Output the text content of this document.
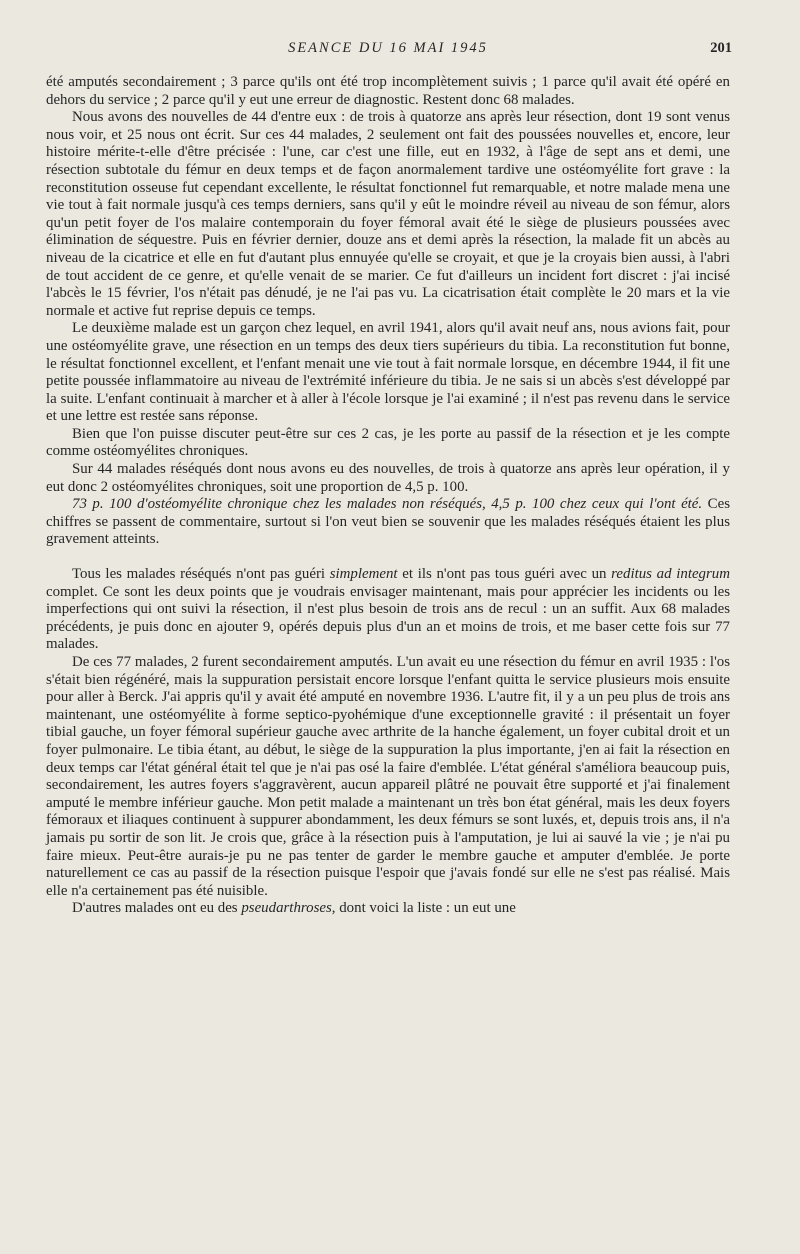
SEANCE DU 16 MAI 1945	201

été amputés secondairement ; 3 parce qu'ils ont été trop incomplètement suivis ; 1 parce qu'il avait été opéré en dehors du service ; 2 parce qu'il y eut une erreur de diagnostic. Restent donc 68 malades.

Nous avons des nouvelles de 44 d'entre eux : de trois à quatorze ans après leur résection, dont 19 sont venus nous voir, et 25 nous ont écrit. Sur ces 44 malades, 2 seulement ont fait des poussées nouvelles et, encore, leur histoire mérite-t-elle d'être précisée : l'une, car c'est une fille, eut en 1932, à l'âge de sept ans et demi, une résection subtotale du fémur en deux temps et de façon anormalement tardive une ostéomyélite fort grave : la reconstitution osseuse fut cependant excellente, le résultat fonctionnel fut remarquable, et notre malade mena une vie tout à fait normale jusqu'à ces temps derniers, sans qu'il y eût le moindre réveil au niveau de son fémur, alors qu'un petit foyer de l'os malaire contemporain du foyer fémoral avait été le siège de plusieurs poussées avec élimination de séquestre. Puis en février dernier, douze ans et demi après la résection, la malade fit un abcès au niveau de la cicatrice et elle en fut d'autant plus ennuyée qu'elle se croyait, et que je la croyais bien aussi, à l'abri de tout accident de ce genre, et qu'elle venait de se marier. Ce fut d'ailleurs un incident fort discret : j'ai incisé l'abcès le 15 février, l'os n'était pas dénudé, je ne l'ai pas vu. La cicatrisation était complète le 20 mars et la vie normale et active fut reprise depuis ce temps.

Le deuxième malade est un garçon chez lequel, en avril 1941, alors qu'il avait neuf ans, nous avions fait, pour une ostéomyélite grave, une résection en un temps des deux tiers supérieurs du tibia. La reconstitution fut bonne, le résultat fonctionnel excellent, et l'enfant menait une vie tout à fait normale lorsque, en décembre 1944, il fit une petite poussée inflammatoire au niveau de l'extrémité inférieure du tibia. Je ne sais si un abcès s'est développé par la suite. L'enfant continuait à marcher et à aller à l'école lorsque je l'ai examiné ; il n'est pas revenu dans le service et une lettre est restée sans réponse.

Bien que l'on puisse discuter peut-être sur ces 2 cas, je les porte au passif de la résection et je les compte comme ostéomyélites chroniques.

Sur 44 malades réséqués dont nous avons eu des nouvelles, de trois à quatorze ans après leur opération, il y eut donc 2 ostéomyélites chroniques, soit une proportion de 4,5 p. 100.

73 p. 100 d'ostéomyélite chronique chez les malades non réséqués, 4,5 p. 100 chez ceux qui l'ont été. Ces chiffres se passent de commentaire, surtout si l'on veut bien se souvenir que les malades réséqués étaient les plus gravement atteints.

Tous les malades réséqués n'ont pas guéri simplement et ils n'ont pas tous guéri avec un reditus ad integrum complet. Ce sont les deux points que je voudrais envisager maintenant, mais pour apprécier les incidents ou les imperfections qui ont suivi la résection, il n'est plus besoin de trois ans de recul : un an suffit. Aux 68 malades précédents, je puis donc en ajouter 9, opérés depuis plus d'un an et moins de trois, et me baser cette fois sur 77 malades.

De ces 77 malades, 2 furent secondairement amputés. L'un avait eu une résection du fémur en avril 1935 : l'os s'était bien régénéré, mais la suppuration persistait encore lorsque l'enfant quitta le service plusieurs mois ensuite pour aller à Berck. J'ai appris qu'il y avait été amputé en novembre 1936. L'autre fit, il y a un peu plus de trois ans maintenant, une ostéomyélite à forme septico-pyohémique d'une exceptionnelle gravité : il présentait un foyer tibial gauche, un foyer fémoral supérieur gauche avec arthrite de la hanche également, un foyer cubital droit et un foyer pulmonaire. Le tibia étant, au début, le siège de la suppuration la plus importante, j'en ai fait la résection en deux temps car l'état général était tel que je n'ai pas osé la faire d'emblée. L'état général s'améliora beaucoup puis, secondairement, les autres foyers s'aggravèrent, aucun appareil plâtré ne pouvait être supporté et j'ai finalement amputé le membre inférieur gauche. Mon petit malade a maintenant un très bon état général, mais les deux foyers fémoraux et iliaques continuent à suppurer abondamment, les deux fémurs se sont luxés, et, depuis trois ans, il n'a jamais pu sortir de son lit. Je crois que, grâce à la résection puis à l'amputation, je lui ai sauvé la vie ; je n'ai pu faire mieux. Peut-être aurais-je pu ne pas tenter de garder le membre gauche et amputer d'emblée. Je porte naturellement ce cas au passif de la résection puisque l'espoir que j'avais fondé sur elle ne s'est pas réalisé. Mais elle n'a certainement pas été nuisible.

D'autres malades ont eu des pseudarthroses, dont voici la liste : un eut une
